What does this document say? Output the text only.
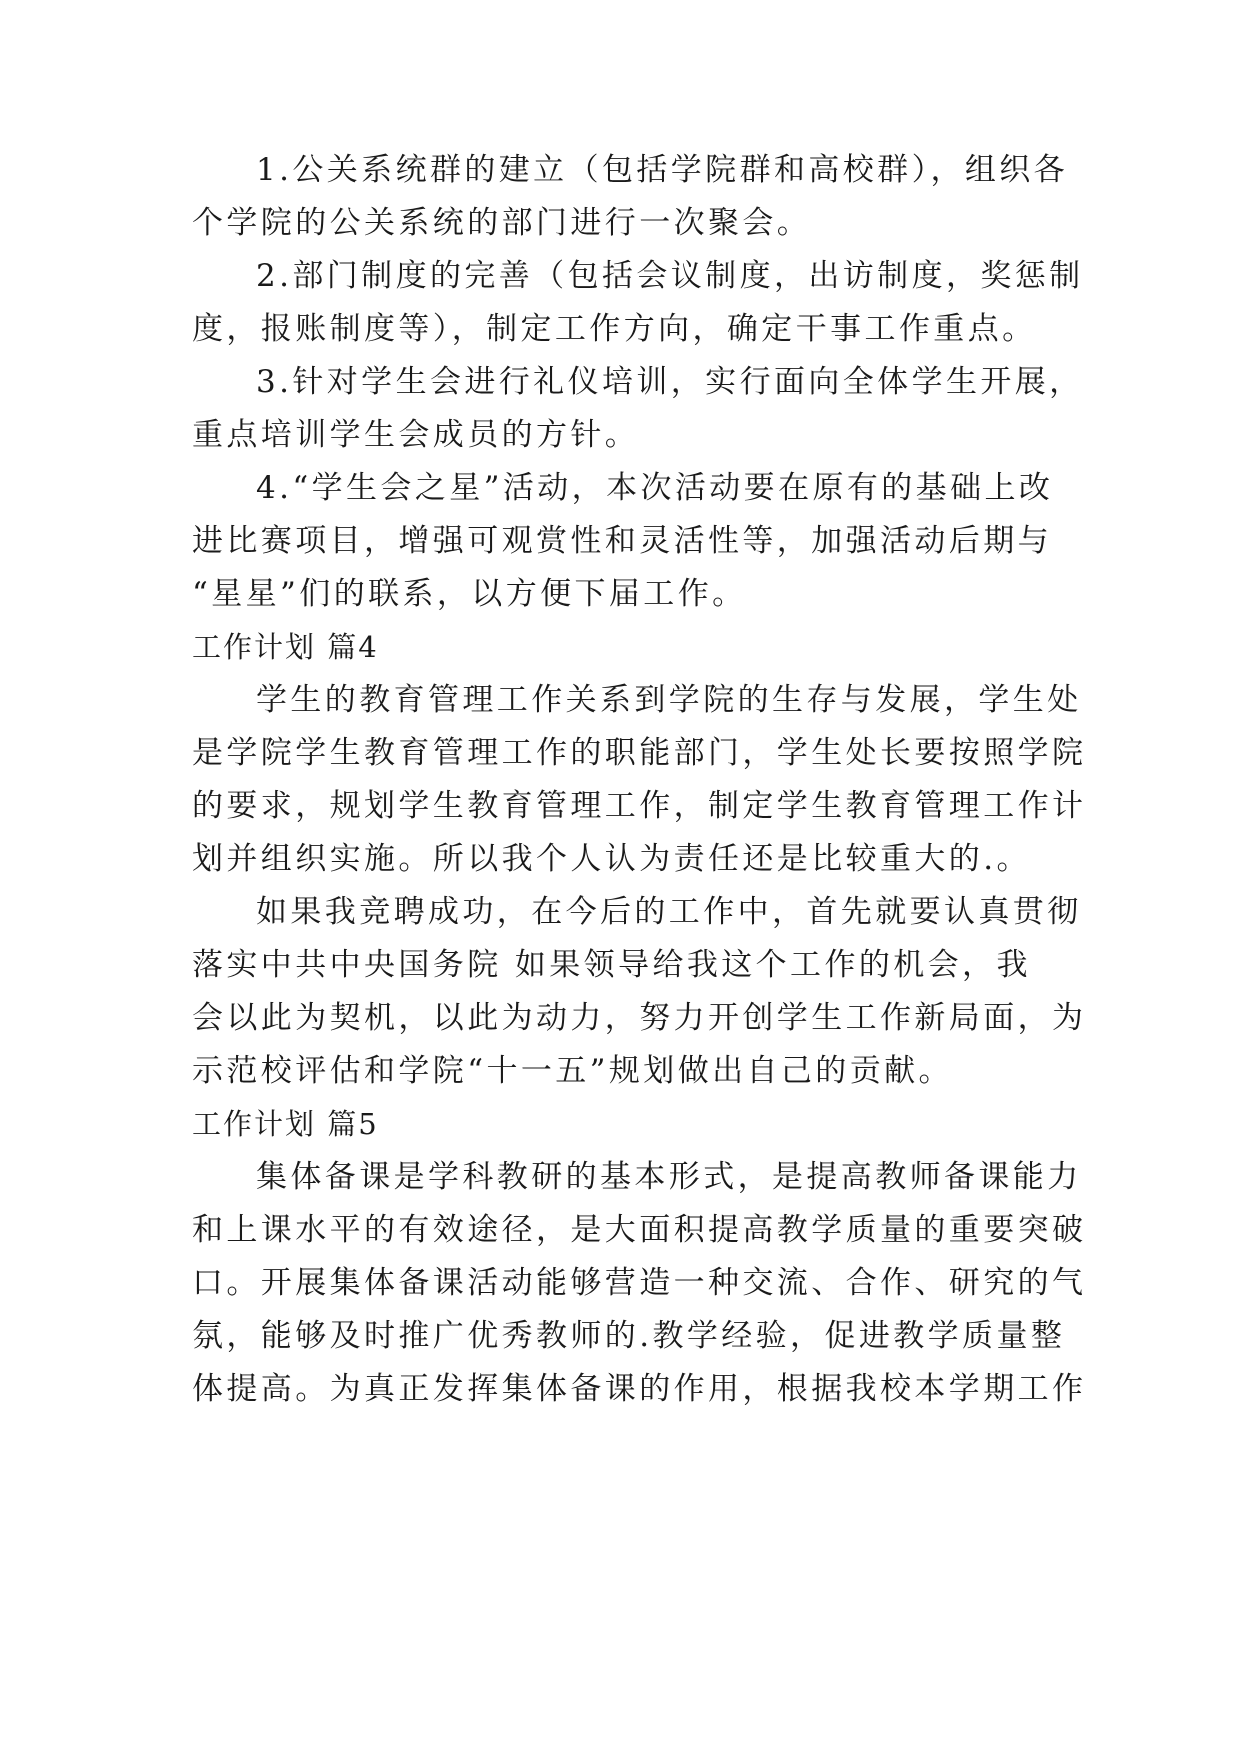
1.公关系统群的建立（包括学院群和高校群），组织各
个学院的公关系统的部门进行一次聚会。
2.部门制度的完善（包括会议制度，出访制度，奖惩制
度，报账制度等），制定工作方向，确定干事工作重点。
3.针对学生会进行礼仪培训，实行面向全体学生开展，
重点培训学生会成员的方针。
4.“学生会之星”活动，本次活动要在原有的基础上改
进比赛项目，增强可观赏性和灵活性等，加强活动后期与
“星星”们的联系，以方便下届工作。
工作计划 篇4
学生的教育管理工作关系到学院的生存与发展，学生处
是学院学生教育管理工作的职能部门，学生处长要按照学院
的要求，规划学生教育管理工作，制定学生教育管理工作计
划并组织实施。所以我个人认为责任还是比较重大的.。
如果我竞聘成功，在今后的工作中，首先就要认真贯彻
落实中共中央国务院 如果领导给我这个工作的机会，我
会以此为契机，以此为动力，努力开创学生工作新局面，为
示范校评估和学院“十一五”规划做出自己的贡献。
工作计划 篇5
集体备课是学科教研的基本形式，是提高教师备课能力
和上课水平的有效途径，是大面积提高教学质量的重要突破
口。开展集体备课活动能够营造一种交流、合作、研究的气
氛，能够及时推广优秀教师的.教学经验，促进教学质量整
体提高。为真正发挥集体备课的作用，根据我校本学期工作
